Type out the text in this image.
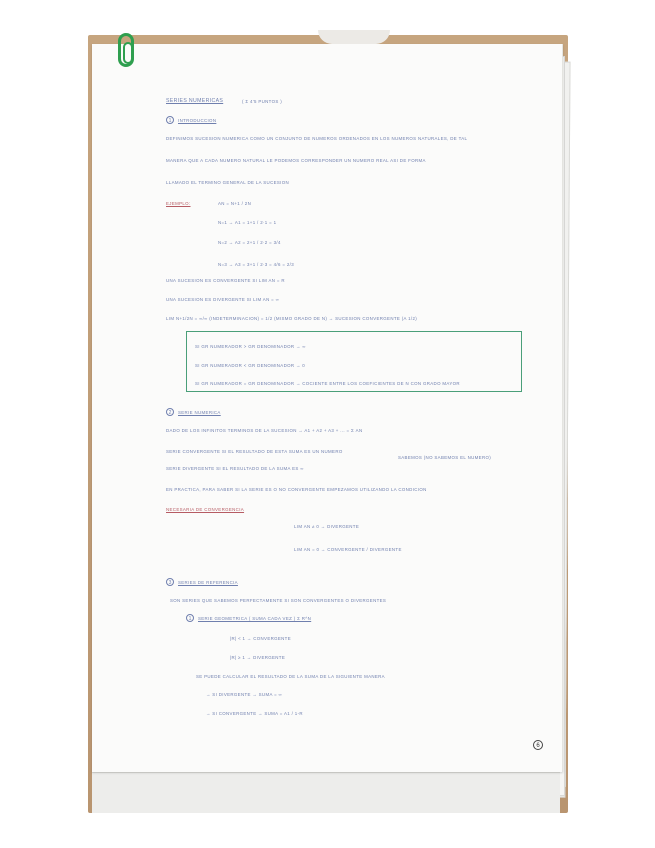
SERIES NUMERICAS	( Σ 4'5 PUNTOS )
1	INTRODUCCION
DEFINIMOS SUCESION NUMERICA COMO UN CONJUNTO DE NUMEROS ORDENADOS EN LOS NUMEROS NATURALES, DE TAL
MANERA QUE A CADA NUMERO NATURAL LE PODEMOS CORRESPONDER UN NUMERO REAL ASI DE FORMA
LLAMADO EL TERMINO GENERAL DE LA SUCESION
EJEMPLO:	AN = N+1 / 2N
N=1 → A1 = 1+1 / 2·1 = 1
N=2 → A2 = 2+1 / 2·2 = 3/4
N=3 → A3 = 3+1 / 2·3 = 4/6 = 2/3
UNA SUCESION ES CONVERGENTE SI LIM AN = R
UNA SUCESION ES DIVERGENTE SI LIM AN = ∞
LIM N+1/2N = ∞/∞ (INDETERMINACION) = 1/2 (MISMO GRADO DE N) → SUCESION CONVERGENTE (A 1/2)
SI GR NUMERADOR > GR DENOMINADOR → ∞
SI GR NUMERADOR < GR DENOMINADOR → 0
SI GR NUMERADOR = GR DENOMINADOR → COCIENTE ENTRE LOS COEFICIENTES DE N CON GRADO MAYOR
2	SERIE NUMERICA
DADO DE LOS INFINITOS TERMINOS DE LA SUCESION → A1 + A2 + A3 + ... = Σ AN
SERIE CONVERGENTE SI EL RESULTADO DE ESTA SUMA ES UN NUMERO
SABEMOS (NO SABEMOS EL NUMERO)
SERIE DIVERGENTE SI EL RESULTADO DE LA SUMA ES ∞
EN PRACTICA, PARA SABER SI LA SERIE ES O NO CONVERGENTE EMPEZAMOS UTILIZANDO LA CONDICION
NECESARIA DE CONVERGENCIA
LIM AN ≠ 0 → DIVERGENTE
LIM AN = 0 → CONVERGENTE / DIVERGENTE
3	SERIES DE REFERENCIA
SON SERIES QUE SABEMOS PERFECTAMENTE SI SON CONVERGENTES O DIVERGENTES
1	SERIE GEOMETRICA ( SUMA CADA VEZ ) Σ R^N
|R| < 1 → CONVERGENTE
|R| ≥ 1 → DIVERGENTE
SE PUEDE CALCULAR EL RESULTADO DE LA SUMA DE LA SIGUIENTE MANERA
→ SI DIVERGENTE → SUMA = ∞
→ SI CONVERGENTE → SUMA = A1 / 1-R
6
